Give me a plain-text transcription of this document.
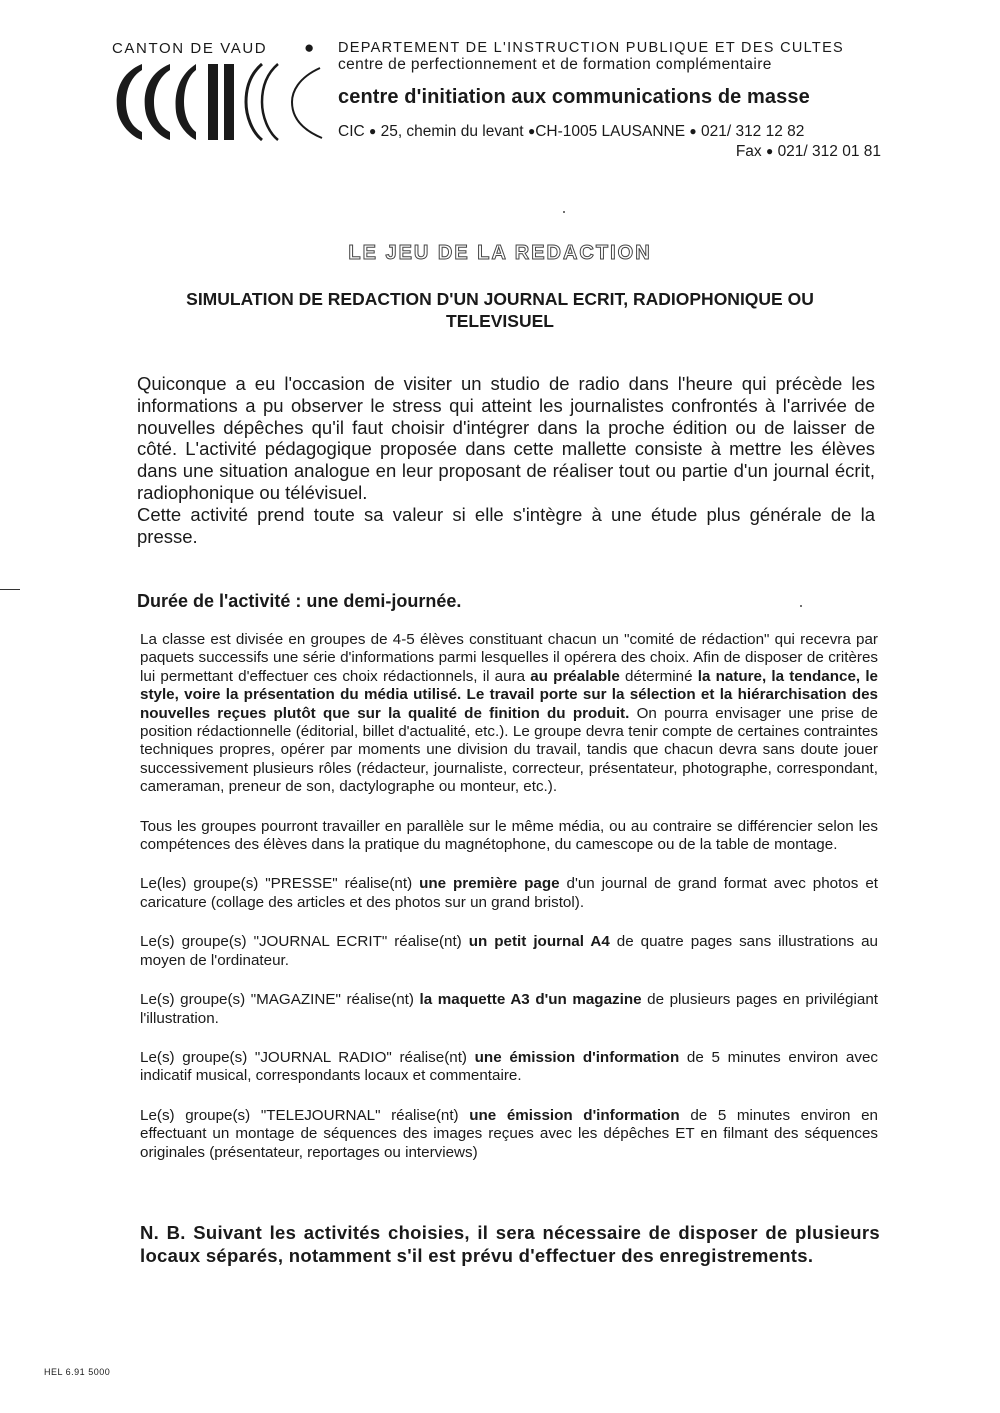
CANTON DE VAUD ● DEPARTEMENT DE L'INSTRUCTION PUBLIQUE ET DES CULTES
centre de perfectionnement et de formation complémentaire
centre d'initiation aux communications de masse
CIC ● 25, chemin du levant ●CH-1005 LAUSANNE ● 021/ 312 12 82
Fax ● 021/ 312 01 81
LE JEU DE LA REDACTION
SIMULATION DE REDACTION D'UN JOURNAL ECRIT, RADIOPHONIQUE OU TELEVISUEL

Quiconque a eu l'occasion de visiter un studio de radio dans l'heure qui précède les informations a pu observer le stress qui atteint les journalistes confrontés à l'arrivée de nouvelles dépêches qu'il faut choisir d'intégrer dans la proche édition ou de laisser de côté. L'activité pédagogique proposée dans cette mallette consiste à mettre les élèves dans une situation analogue en leur proposant de réaliser tout ou partie d'un journal écrit, radiophonique ou télévisuel.

Cette activité prend toute sa valeur si elle s'intègre à une étude plus générale de la presse.

Durée de l'activité : une demi-journée.

La classe est divisée en groupes de 4-5 élèves constituant chacun un "comité de rédaction" qui recevra par paquets successifs une série d'informations parmi lesquelles il opérera des choix. Afin de disposer de critères lui permettant d'effectuer ces choix rédactionnels, il aura au préalable déterminé la nature, la tendance, le style, voire la présentation du média utilisé. Le travail porte sur la sélection et la hiérarchisation des nouvelles reçues plutôt que sur la qualité de finition du produit. On pourra envisager une prise de position rédactionnelle (éditorial, billet d'actualité, etc.). Le groupe devra tenir compte de certaines contraintes techniques propres, opérer par moments une division du travail, tandis que chacun devra sans doute jouer successivement plusieurs rôles (rédacteur, journaliste, correcteur, présentateur, photographe, correspondant, cameraman, preneur de son, dactylographe ou monteur, etc.).

Tous les groupes pourront travailler en parallèle sur le même média, ou au contraire se différencier selon les compétences des élèves dans la pratique du magnétophone, du camescope ou de la table de montage.

Le(les) groupe(s) "PRESSE" réalise(nt) une première page d'un journal de grand format avec photos et caricature (collage des articles et des photos sur un grand bristol).

Le(s) groupe(s) "JOURNAL ECRIT" réalise(nt) un petit journal A4 de quatre pages sans illustrations au moyen de l'ordinateur.

Le(s) groupe(s) "MAGAZINE" réalise(nt) la maquette A3 d'un magazine de plusieurs pages en privilégiant l'illustration.

Le(s) groupe(s) "JOURNAL RADIO" réalise(nt) une émission d'information de 5 minutes environ avec indicatif musical, correspondants locaux et commentaire.

Le(s) groupe(s) "TELEJOURNAL" réalise(nt) une émission d'information de 5 minutes environ en effectuant un montage de séquences des images reçues avec les dépêches ET en filmant des séquences originales (présentateur, reportages ou interviews)

N. B. Suivant les activités choisies, il sera nécessaire de disposer de plusieurs locaux séparés, notamment s'il est prévu d'effectuer des enregistrements.
HEL 6.91 5000
